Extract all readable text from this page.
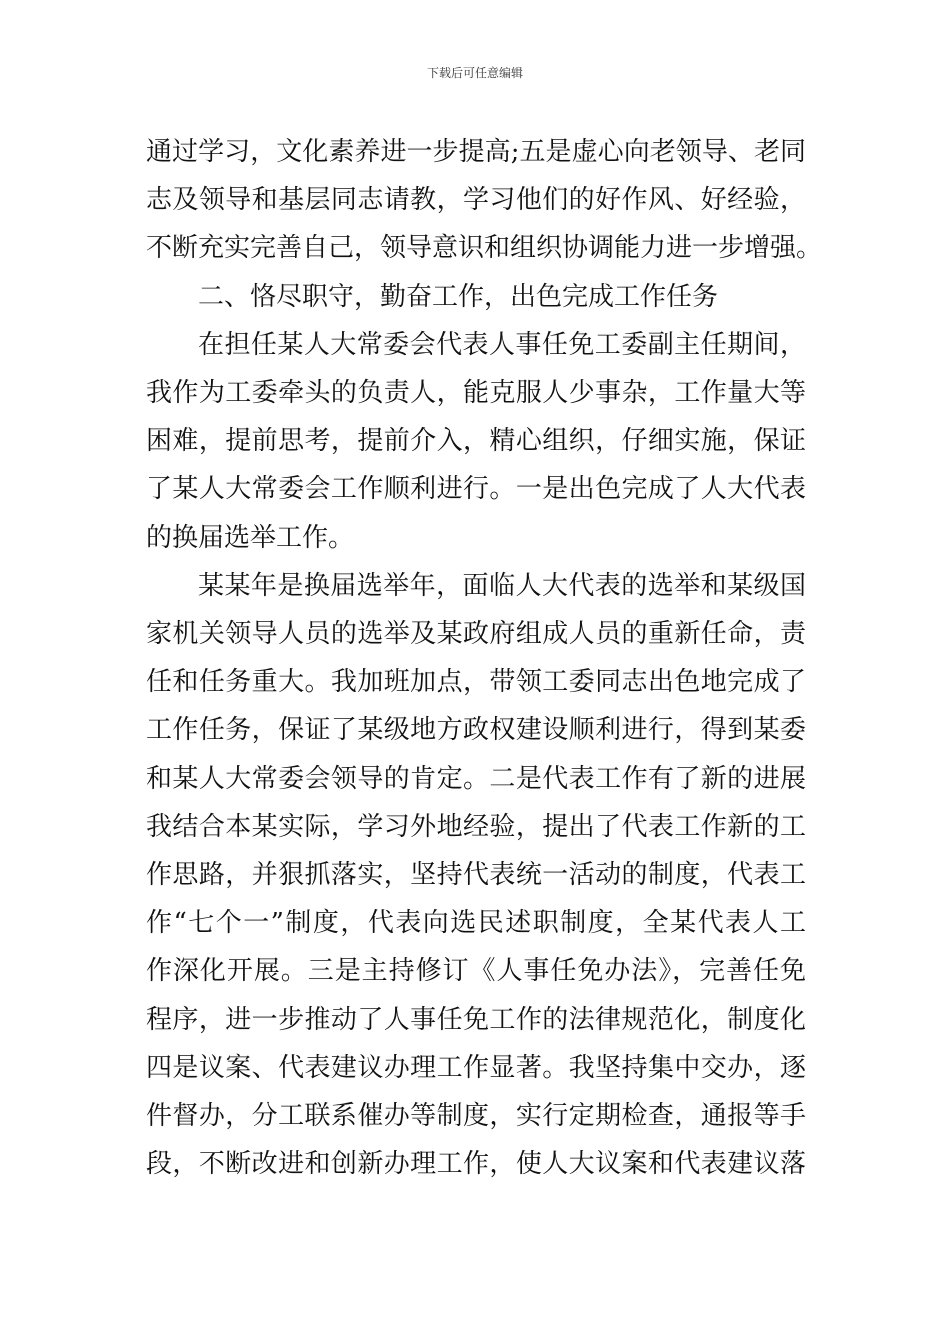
下载后可任意编辑
通过学习，文化素养进一步提高;五是虚心向老领导、老同
志及领导和基层同志请教，学习他们的好作风、好经验，
不断充实完善自己，领导意识和组织协调能力进一步增强。
二、恪尽职守，勤奋工作，出色完成工作任务
在担任某人大常委会代表人事任免工委副主任期间，
我作为工委牵头的负责人，能克服人少事杂，工作量大等
困难，提前思考，提前介入，精心组织，仔细实施，保证
了某人大常委会工作顺利进行。一是出色完成了人大代表
的换届选举工作。
某某年是换届选举年，面临人大代表的选举和某级国
家机关领导人员的选举及某政府组成人员的重新任命，责
任和任务重大。我加班加点，带领工委同志出色地完成了
工作任务，保证了某级地方政权建设顺利进行，得到某委
和某人大常委会领导的肯定。二是代表工作有了新的进展
我结合本某实际，学习外地经验，提出了代表工作新的工
作思路，并狠抓落实，坚持代表统一活动的制度，代表工
作“七个一”制度，代表向选民述职制度，全某代表人工
作深化开展。三是主持修订《人事任免办法》，完善任免
程序，进一步推动了人事任免工作的法律规范化，制度化
四是议案、代表建议办理工作显著。我坚持集中交办，逐
件督办，分工联系催办等制度，实行定期检查，通报等手
段，不断改进和创新办理工作，使人大议案和代表建议落
